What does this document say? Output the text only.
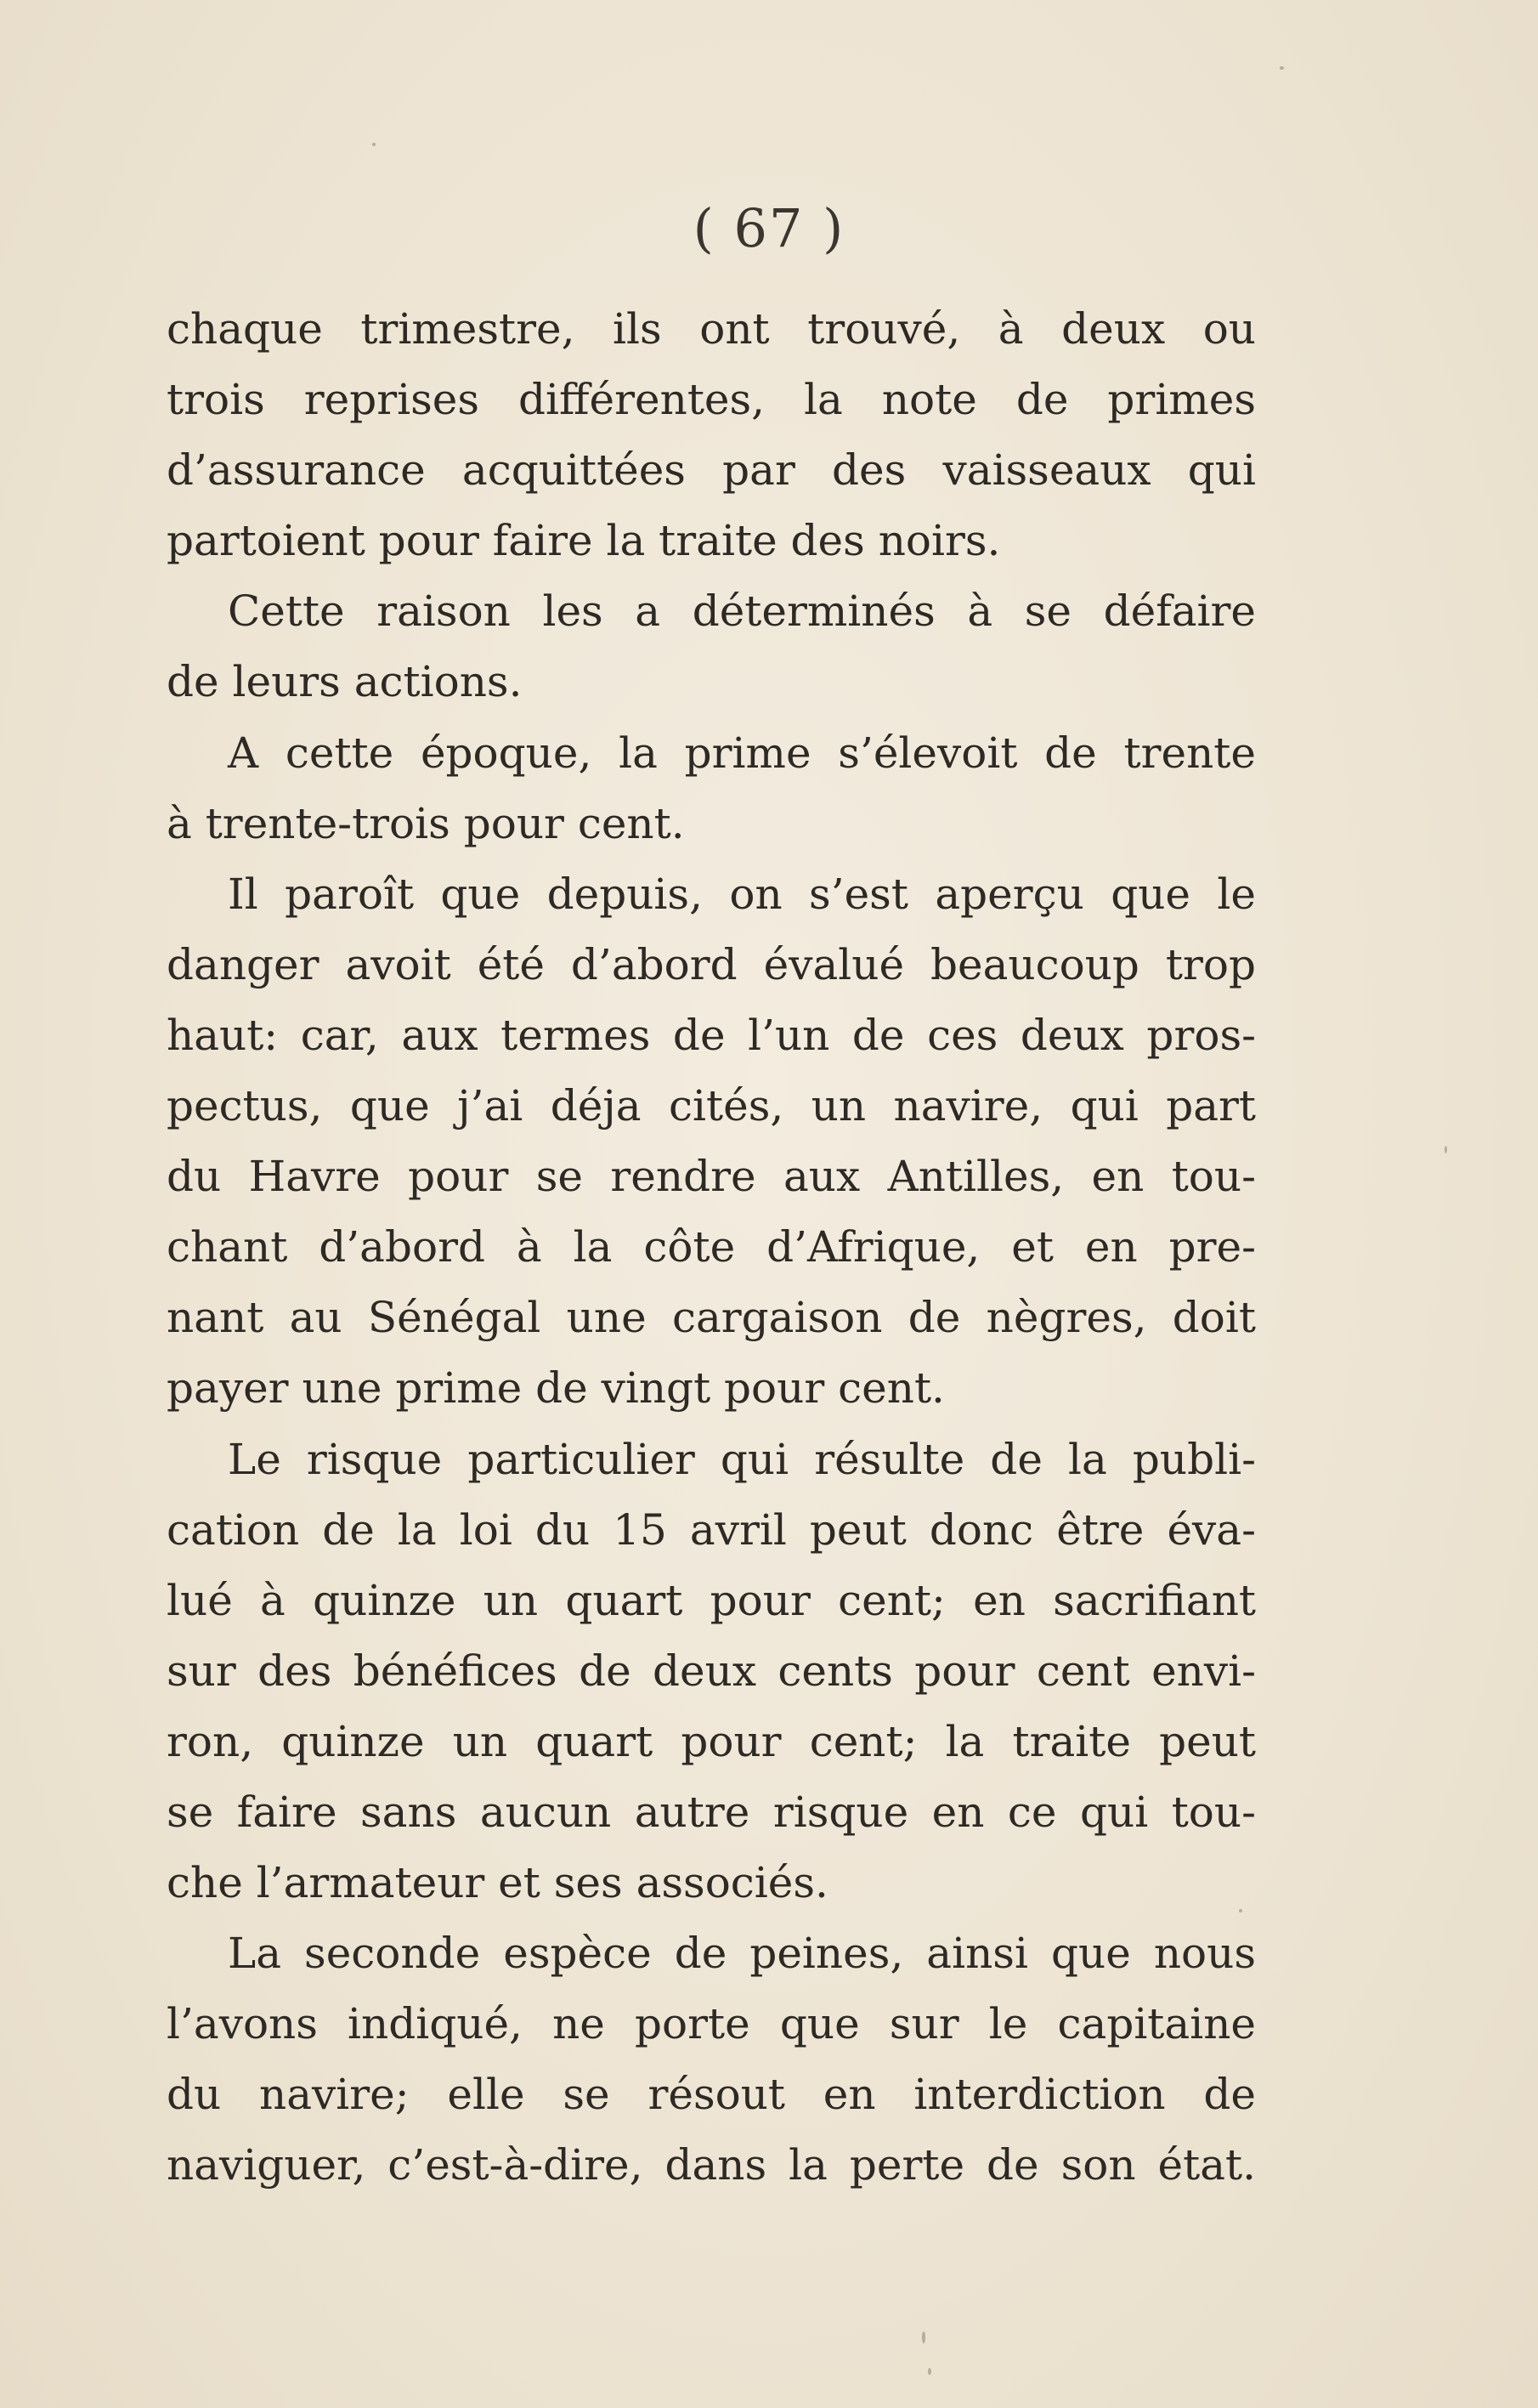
( 67 )

chaque trimestre, ils ont trouvé, à deux ou
trois reprises différentes, la note de primes
d’assurance acquittées par des vaisseaux qui
partoient pour faire la traite des noirs.

Cette raison les a déterminés à se défaire
de leurs actions.

A cette époque, la prime s’élevoit de trente
à trente-trois pour cent.

Il paroît que depuis, on s’est aperçu que le
danger avoit été d’abord évalué beaucoup trop
haut: car, aux termes de l’un de ces deux pros-
pectus, que j’ai déja cités, un navire, qui part
du Havre pour se rendre aux Antilles, en tou-
chant d’abord à la côte d’Afrique, et en pre-
nant au Sénégal une cargaison de nègres, doit
payer une prime de vingt pour cent.

Le risque particulier qui résulte de la publi-
cation de la loi du 15 avril peut donc être éva-
lué à quinze un quart pour cent; en sacrifiant
sur des bénéfices de deux cents pour cent envi-
ron, quinze un quart pour cent; la traite peut
se faire sans aucun autre risque en ce qui tou-
che l’armateur et ses associés.

La seconde espèce de peines, ainsi que nous
l’avons indiqué, ne porte que sur le capitaine
du navire; elle se résout en interdiction de
naviguer, c’est-à-dire, dans la perte de son état.
